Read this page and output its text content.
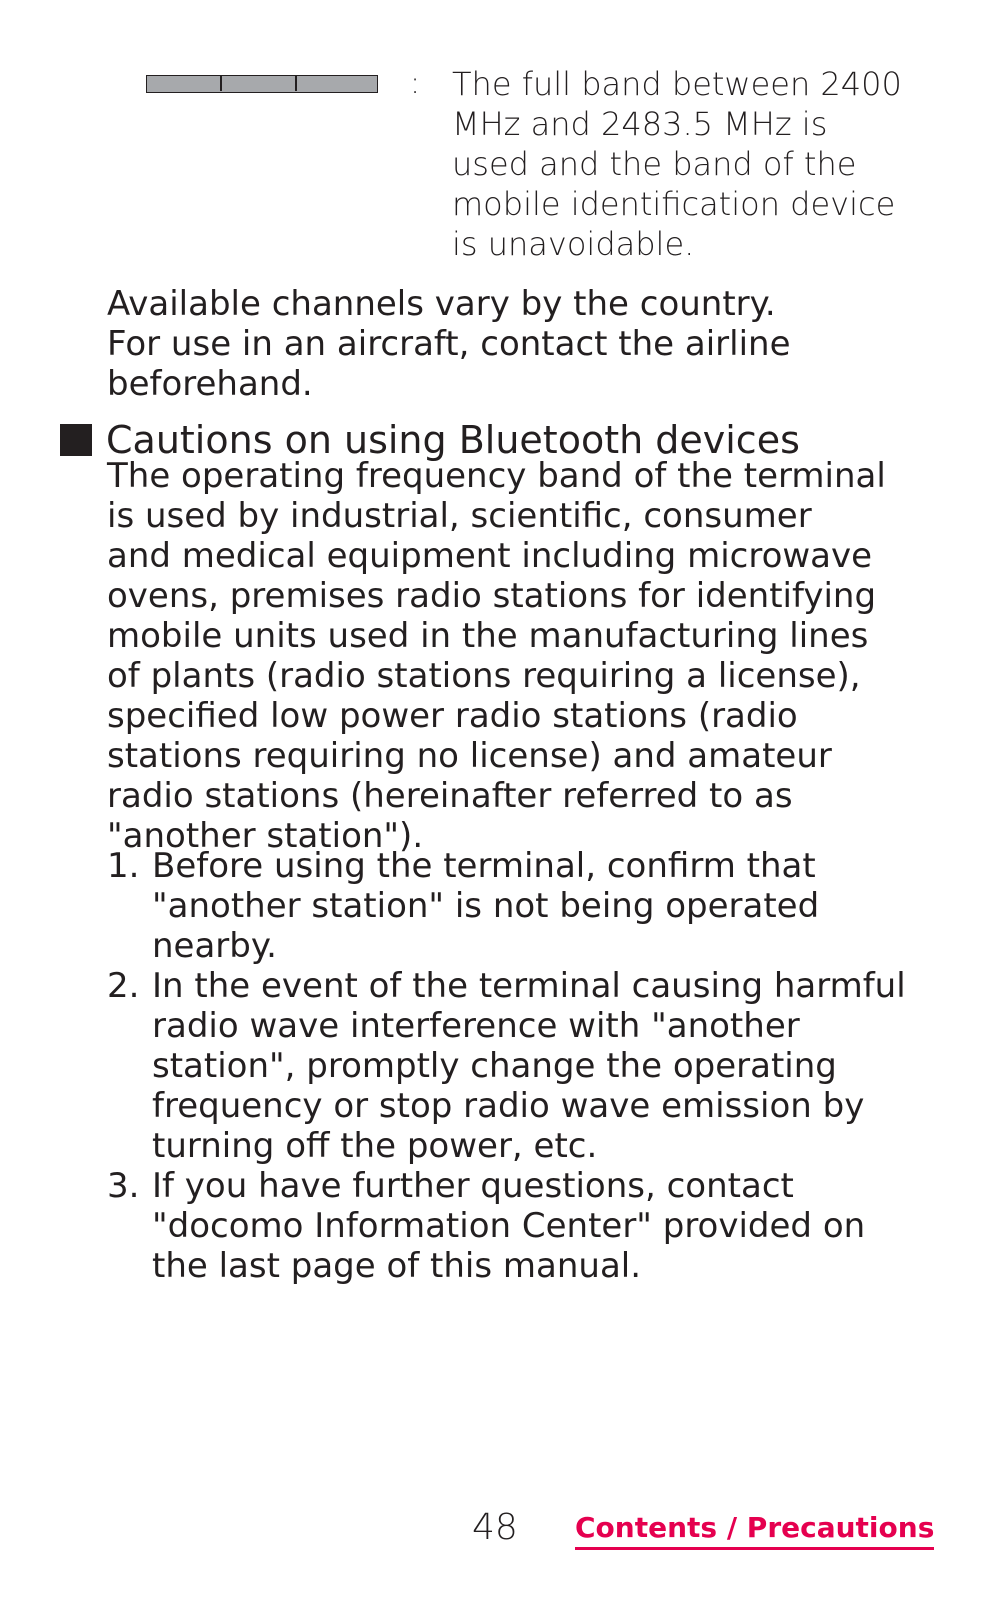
: The full band between 2400
MHz and 2483.5 MHz is
used and the band of the
mobile identification device
is unavoidable.

Available channels vary by the country.
For use in an aircraft, contact the airline
beforehand.

Cautions on using Bluetooth devices

The operating frequency band of the terminal
is used by industrial, scientific, consumer
and medical equipment including microwave
ovens, premises radio stations for identifying
mobile units used in the manufacturing lines
of plants (radio stations requiring a license),
specified low power radio stations (radio
stations requiring no license) and amateur
radio stations (hereinafter referred to as
"another station").

1. Before using the terminal, confirm that
"another station" is not being operated
nearby.
2. In the event of the terminal causing harmful
radio wave interference with "another
station", promptly change the operating
frequency or stop radio wave emission by
turning off the power, etc.
3. If you have further questions, contact
"docomo Information Center" provided on
the last page of this manual.
48 Contents / Precautions
